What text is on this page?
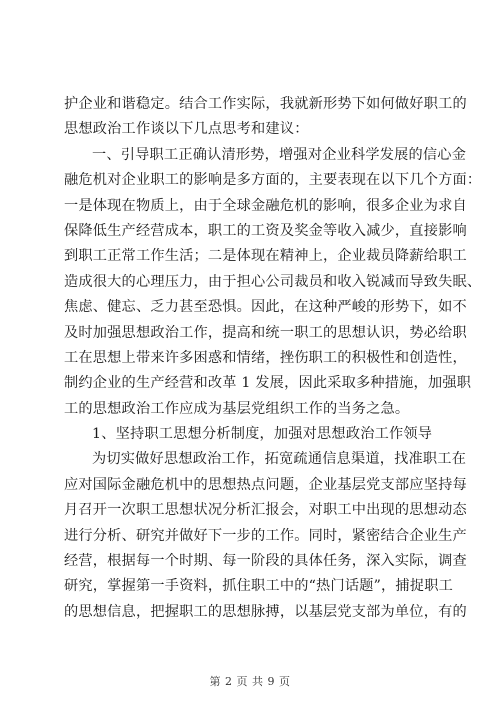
护企业和谐稳定。结合工作实际，我就新形势下如何做好职工的
思想政治工作谈以下几点思考和建议：
一、引导职工正确认清形势，增强对企业科学发展的信心金
融危机对企业职工的影响是多方面的，主要表现在以下几个方面：
一是体现在物质上，由于全球金融危机的影响，很多企业为求自
保降低生产经营成本，职工的工资及奖金等收入减少，直接影响
到职工正常工作生活；二是体现在精神上，企业裁员降薪给职工
造成很大的心理压力，由于担心公司裁员和收入锐减而导致失眠、
焦虑、健忘、乏力甚至恐惧。因此，在这种严峻的形势下，如不
及时加强思想政治工作，提高和统一职工的思想认识，势必给职
工在思想上带来许多困惑和情绪，挫伤职工的积极性和创造性，
制约企业的生产经营和改革 1 发展，因此采取多种措施，加强职
工的思想政治工作应成为基层党组织工作的当务之急。
1、坚持职工思想分析制度，加强对思想政治工作领导
为切实做好思想政治工作，拓宽疏通信息渠道，找准职工在
应对国际金融危机中的思想热点问题，企业基层党支部应坚持每
月召开一次职工思想状况分析汇报会，对职工中出现的思想动态
进行分析、研究并做好下一步的工作。同时，紧密结合企业生产
经营，根据每一个时期、每一阶段的具体任务，深入实际，调查
研究，掌握第一手资料，抓住职工中的“热门话题”，捕捉职工
的思想信息，把握职工的思想脉搏，以基层党支部为单位，有的
第 2 页 共 9 页
